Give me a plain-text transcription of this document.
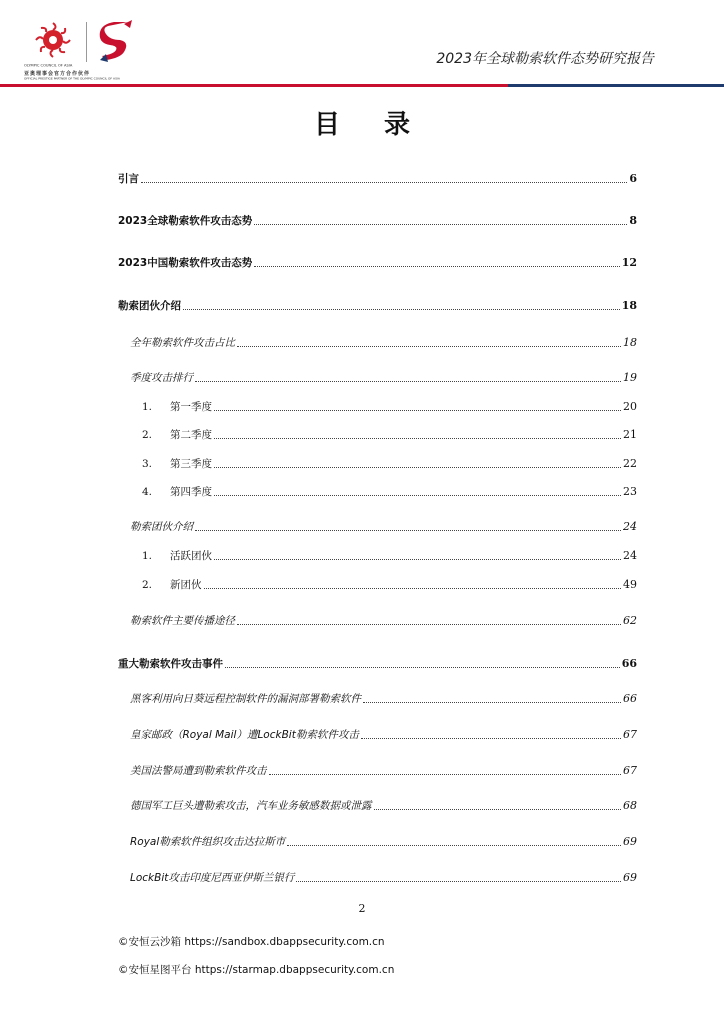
OLYMPIC COUNCIL OF ASIA
亚奥理事会官方合作伙伴
OFFICIAL PRESTIGE PARTNER OF THE OLYMPIC COUNCIL OF ASIA
2023年全球勒索软件态势研究报告
目录
引言	6
2023全球勒索软件攻击态势	8
2023中国勒索软件攻击态势	12
勒索团伙介绍	18
全年勒索软件攻击占比	18
季度攻击排行	19
1. 第一季度	20
2. 第二季度	21
3. 第三季度	22
4. 第四季度	23
勒索团伙介绍	24
1. 活跃团伙	24
2. 新团伙	49
勒索软件主要传播途径	62
重大勒索软件攻击事件	66
黑客利用向日葵远程控制软件的漏洞部署勒索软件	66
皇家邮政（Royal Mail）遭LockBit勒索软件攻击	67
美国法警局遭到勒索软件攻击	67
德国军工巨头遭勒索攻击，汽车业务敏感数据或泄露	68
Royal勒索软件组织攻击达拉斯市	69
LockBit攻击印度尼西亚伊斯兰银行	69
2
©安恒云沙箱 https://sandbox.dbappsecurity.com.cn
©安恒星图平台 https://starmap.dbappsecurity.com.cn
